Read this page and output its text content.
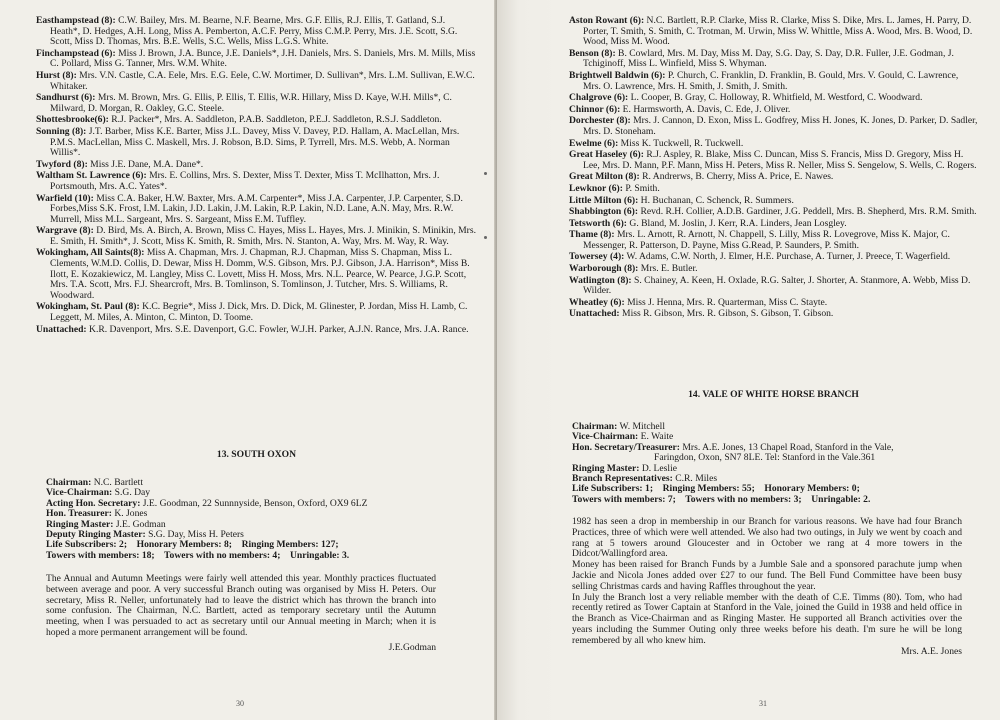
Easthampstead (8): C.W. Bailey, Mrs. M. Bearne, N.F. Bearne, Mrs. G.F. Ellis, R.J. Ellis, T. Gatland, S.J. Heath*, D. Hedges, A.H. Long, Miss A. Pemberton, A.C.F. Perry, Miss C.M.P. Perry, Mrs. J.E. Scott, S.G. Scott, Miss D. Thomas, Mrs. B.E. Wells, S.C. Wells, Miss L.G.S. White.
Finchampstead (6): Miss J. Brown, J.A. Bunce, J.E. Daniels*, J.H. Daniels, Mrs. S. Daniels, Mrs. M. Mills, Miss C. Pollard, Miss G. Tanner, Mrs. W.M. White.
Hurst (8): Mrs. V.N. Castle, C.A. Eele, Mrs. E.G. Eele, C.W. Mortimer, D. Sullivan*, Mrs. L.M. Sullivan, E.W.C. Whitaker.
Sandhurst (6): Mrs. M. Brown, Mrs. G. Ellis, P. Ellis, T. Ellis, W.R. Hillary, Miss D. Kaye, W.H. Mills*, C. Milward, D. Morgan, R. Oakley, G.C. Steele.
Shottesbrooke(6): R.J. Packer*, Mrs. A. Saddleton, P.A.B. Saddleton, P.E.J. Saddleton, R.S.J. Saddleton.
Sonning (8): J.T. Barber, Miss K.E. Barter, Miss J.L. Davey, Miss V. Davey, P.D. Hallam, A. MacLellan, Mrs. P.M.S. MacLellan, Miss C. Maskell, Mrs. J. Robson, B.D. Sims, P. Tyrrell, Mrs. M.S. Webb, A. Norman Willis*.
Twyford (8): Miss J.E. Dane, M.A. Dane*.
Waltham St. Lawrence (6): Mrs. E. Collins, Mrs. S. Dexter, Miss T. Dexter, Miss T. McIlhatton, Mrs. J. Portsmouth, Mrs. A.C. Yates*.
Warfield (10): Miss C.A. Baker, H.W. Baxter, Mrs. A.M. Carpenter*, Miss J.A. Carpenter, J.P. Carpenter, S.D. Forbes,Miss S.K. Frost, I.M. Lakin, J.D. Lakin, J.M. Lakin, R.P. Lakin, N.D. Lane, A.N. May, Mrs. R.W. Murrell, Miss M.L. Sargeant, Mrs. S. Sargeant, Miss E.M. Tuffley.
Wargrave (8): D. Bird, Ms. A. Birch, A. Brown, Miss C. Hayes, Miss L. Hayes, Mrs. J. Minikin, S. Minikin, Mrs. E. Smith, H. Smith*, J. Scott, Miss K. Smith, R. Smith, Mrs. N. Stanton, A. Way, Mrs. M. Way, R. Way.
Wokingham, All Saints(8): Miss A. Chapman, Mrs. J. Chapman, R.J. Chapman, Miss S. Chapman, Miss L. Clements, W.M.D. Collis, D. Dewar, Miss H. Domm, W.S. Gibson, Mrs. P.J. Gibson, J.A. Harrison*, Miss B. Ilott, E. Kozakiewicz, M. Langley, Miss C. Lovett, Miss H. Moss, Mrs. N.L. Pearce, W. Pearce, J.G.P. Scott, Mrs. T.A. Scott, Mrs. F.J. Shearcroft, Mrs. B. Tomlinson, S. Tomlinson, J. Tutcher, Mrs. S. Williams, R. Woodward.
Wokingham, St. Paul (8): K.C. Begrie*, Miss J. Dick, Mrs. D. Dick, M. Glinester, P. Jordan, Miss H. Lamb, C. Leggett, M. Miles, A. Minton, C. Minton, D. Toome.
Unattached: K.R. Davenport, Mrs. S.E. Davenport, G.C. Fowler, W.J.H. Parker, A.J.N. Rance, Mrs. J.A. Rance.
13. SOUTH OXON
Chairman: N.C. Bartlett
Vice-Chairman: S.G. Day
Acting Hon. Secretary: J.E. Goodman, 22 Sunnnyside, Benson, Oxford, OX9 6LZ
Hon. Treasurer: K. Jones
Ringing Master: J.E. Godman
Deputy Ringing Master: S.G. Day, Miss H. Peters
Life Subscribers: 2;    Honorary Members: 8;    Ringing Members: 127;
Towers with members: 18;    Towers with no members: 4;    Unringable: 3.

The Annual and Autumn Meetings were fairly well attended this year. Monthly practices fluctuated between average and poor. A very successful Branch outing was organised by Miss H. Peters. Our secretary, Miss R. Neller, unfortunately had to leave the district which has thrown the branch into some confusion. The Chairman, N.C. Bartlett, acted as temporary secretary until the Autumn meeting, when I was persuaded to act as secretary until our Annual meeting in March; when it is hoped a more permanent arrangement will be found.

J.E.Godman
30
Aston Rowant (6): N.C. Bartlett, R.P. Clarke, Miss R. Clarke, Miss S. Dike, Mrs. L. James, H. Parry, D. Porter, T. Smith, S. Smith, C. Trotman, M. Urwin, Miss W. Whittle, Miss A. Wood, Mrs. B. Wood, D. Wood, Miss M. Wood.
Benson (8): B. Cowlard, Mrs. M. Day, Miss M. Day, S.G. Day, S. Day, D.R. Fuller, J.E. Godman, J. Tchiginoff, Miss L. Winfield, Miss S. Whyman.
Brightwell Baldwin (6): P. Church, C. Franklin, D. Franklin, B. Gould, Mrs. V. Gould, C. Lawrence, Mrs. O. Lawrence, Mrs. H. Smith, J. Smith, J. Smith.
Chalgrove (6): L. Cooper, B. Gray, C. Holloway, R. Whitfield, M. Westford, C. Woodward.
Chinnor (6): E. Harmsworth, A. Davis, C. Ede, J. Oliver.
Dorchester (8): Mrs. J. Cannon, D. Exon, Miss L. Godfrey, Miss H. Jones, K. Jones, D. Parker, D. Sadler, Mrs. D. Stoneham.
Ewelme (6): Miss K. Tuckwell, R. Tuckwell.
Great Haseley (6): R.J. Aspley, R. Blake, Miss C. Duncan, Miss S. Francis, Miss D. Gregory, Miss H. Lee, Mrs. D. Mann, P.F. Mann, Miss H. Peters, Miss R. Neller, Miss S. Sengelow, S. Wells, C. Rogers.
Great Milton (8): R. Andrerws, B. Cherry, Miss A. Price, E. Nawes.
Lewknor (6): P. Smith.
Little Milton (6): H. Buchanan, C. Schenck, R. Summers.
Shabbington (6): Revd. R.H. Collier, A.D.B. Gardiner, J.G. Peddell, Mrs. B. Shepherd, Mrs. R.M. Smith.
Tetsworth (6): G. Bland, M. Joslin, J. Kerr, R.A. Linders, Jean Losgley.
Thame (8): Mrs. L. Arnott, R. Arnott, N. Chappell, S. Lilly, Miss R. Lovegrove, Miss K. Major, C. Messenger, R. Patterson, D. Payne, Miss G.Read, P. Saunders, P. Smith.
Towersey (4): W. Adams, C.W. North, J. Elmer, H.E. Purchase, A. Turner, J. Preece, T. Wagerfield.
Warborough (8): Mrs. E. Butler.
Watlington (8): S. Chainey, A. Keen, H. Oxlade, R.G. Salter, J. Shorter, A. Stanmore, A. Webb, Miss D. Wilder.
Wheatley (6): Miss J. Henna, Mrs. R. Quarterman, Miss C. Stayte.
Unattached: Miss R. Gibson, Mrs. R. Gibson, S. Gibson, T. Gibson.
14. VALE OF WHITE HORSE BRANCH
Chairman: W. Mitchell
Vice-Chairman: E. Waite
Hon. Secretary/Treasurer: Mrs. A.E. Jones, 13 Chapel Road, Stanford in the Vale,
Faringdon, Oxon, SN7 8LE. Tel: Stanford in the Vale.361
Ringing Master: D. Leslie
Branch Representatives: C.R. Miles
Life Subscribers: 1;    Ringing Members: 55;    Honorary Members: 0;
Towers with members: 7;    Towers with no members: 3;    Unringable: 2.

1982 has seen a drop in membership in our Branch for various reasons. We have had four Branch Practices, three of which were well attended. We also had two outings, in July we went by coach and rang at 5 towers around Gloucester and in October we rang at 4 more towers in the Didcot/Wallingford area.

Money has been raised for Branch Funds by a Jumble Sale and a sponsored parachute jump when Jackie and Nicola Jones added over £27 to our fund. The Bell Fund Committee have been busy selling Christmas cards and having Raffles throughout the year.

In July the Branch lost a very reliable member with the death of C.E. Timms (80). Tom, who had recently retired as Tower Captain at Stanford in the Vale, joined the Guild in 1938 and held office in the Branch as Vice-Chairman and as Ringing Master. He supported all Branch activities over the years including the Summer Outing only three weeks before his death. I'm sure he will be long remembered by all who knew him.

Mrs. A.E. Jones
31
